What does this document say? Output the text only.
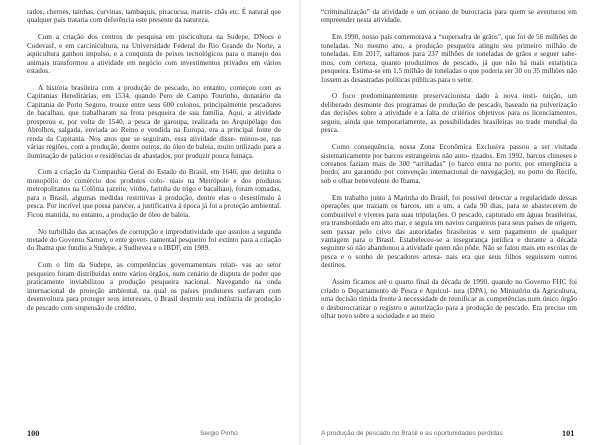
rados, chernes, tainhas, curvinas, tambaquis, piracucua, matrin- chãs etc. É natural que qualquer país trataria com deferência este presente da natureza.

Com a criação dos centros de pesquisa em piscicultura na Sudepe, DNocs e Codevasf, e em carcinicultura, na Universidade Federal do Rio Grande do Norte, a aquicultura ganhou impulso, e a conquista de peixes tecnológicos para o manejo dos animais transformou a atividade em negócio com investimentos privados em vários estados.

A história brasileira com a produção de pescado, no entanto, começou com as Capitanias Hereditárias, em 1534, quando Pero de Campo Tourinho, donatário da Capitania de Porto Seguro, trouxe entre seus 600 colonos, principalmente pescadores de bacalhau, que trabalharam na frota pesqueira de sua família. Aqui, a atividade prosperou e, por volta de 1540, a pesca de garoupa, realizada no Arquipélago dos Abrolhos, salgada, enviada ao Reino e vendida na Europa, era a principal fonte de renda da Capitania. Nos anos que se seguiram, essa atividade disse- minou-se, nas várias regiões, com a produção, dentre outros, do óleo de baleia, muito utilizado para a iluminação de palácios e residências de abastados, por produzir pouca fumaça.

Com a criação da Companhia Geral do Estado do Brasil, em 1646, que detinha o monopólio do comércio dos produtos colo- niais na Metrópole e dos produtos metropolitanos na Colônia (azeite, vinho, farinha de trigo e bacalhau), foram tomadas, para o Brasil, algumas medidas restritivas à produção, dentre elas o desestímulo à pesca. Por incrível que possa parecer, a justificativa à época já foi a proteção ambiental. Ficou mantida, no entanto, a produção de óleo de baleia.

No turbilhão das acusações de corrupção e improdutividade que assolou a segunda metade do Governo Sarney, o ente gover- namental pesqueiro foi extinto para a criação do Ibama que fundiu a Sudepe, a Sudhevea e o IBDF, em 1989.

Com o fim da Sudepe, as competências governamentais relati- vas ao setor pesqueiro foram distribuídas entre vários órgãos, num cenário de disputa de poder que praticamente inviabilizou a produção pesqueira nacional. Navegando na onda internacional de proteção ambiental, na qual os países produtores surfavam com desenvoltura para proteger seus interesses, o Brasil destruiu sua indústria de produção de pescado com suspensão de crédito,

100	Sergio Pinho

“criminalização” da atividade e um oceano de burocracia para quem se aventurou em empreender nesta atividade.

Em 1990, nosso país comemorava a “supersafra de grãos”, que foi de 56 milhões de toneladas. No mesmo ano, a produção pesqueira atingiu seu primeiro milhão de toneladas. Em 2017, saltamos para 237 milhões de toneladas de grãos e seguer sabe- mos, com certeza, quanto produzimos de pescado, já que não há mais estatística pesqueira. Estima-se em 1,5 milhão de toneladas o que poderia ser 30 ou 35 milhões não fossem as desastradas políticas públicas para o setor.

O foco predominantemente preservacionista dado à nova insti- tuição, um deliberado desmonte dos programas de produção de pescado, baseado na pulverização das decisões sobre a atividade e a falta de critérios objetivos para os licenciamentos, seguiu, ainda que temporariamente, as possibilidades brasileiras no trade mundial da pesca.

Como consequência, nossa Zona Econômica Exclusiva passou a ser visitada sistematicamente por barcos estrangeiros não auto- rizados. Em 1992, barcos chineses e coreanos faziam mais de 300 “arrihadas” (o barco entra no porto, por emergência a bordo, ato garantido por convenção internacional de navegação), no porto do Recife, sob o olhar benevolente do Ibama.

Em trabalho junto à Marinha do Brasil, foi possível detectar a regularidade dessas operações que traziam os barcos, um a um, a cada 90 dias, para se abastecerem de combustível e víveres para suas tripulações. O pescado, capturado em águas brasileiras, era transbordado em alto mar, e seguia em navios cargueiros para seus países de origem, sem passar pelo crivo das autoridades brasileiras e sem pagamento de qualquer vantagem para o Brasil. Estabeleceu-se a insegurança jurídica e durante a década seguinte só não abandonou a atividade quem não pôde. Não se falou mais em escolas de pesca e o sonho de pescadores artesa- nais era que seus filhos seguissem outros destinos.

Assim ficamos até o quarto final da década de 1990, quando no Governo FHC foi criado o Departamento de Pesca e Aquicul- tura (DPA), no Ministério da Agricultura, uma decisão tímida frente à necessidade de reunificar as competências num único órgão e desburocratizar o registro e autorização para a produção de pescado. Era preciso um olhar novo sobre a sociedade e ao meio

A produção de pescado no Brasil e as oportunidades perdidas	101
